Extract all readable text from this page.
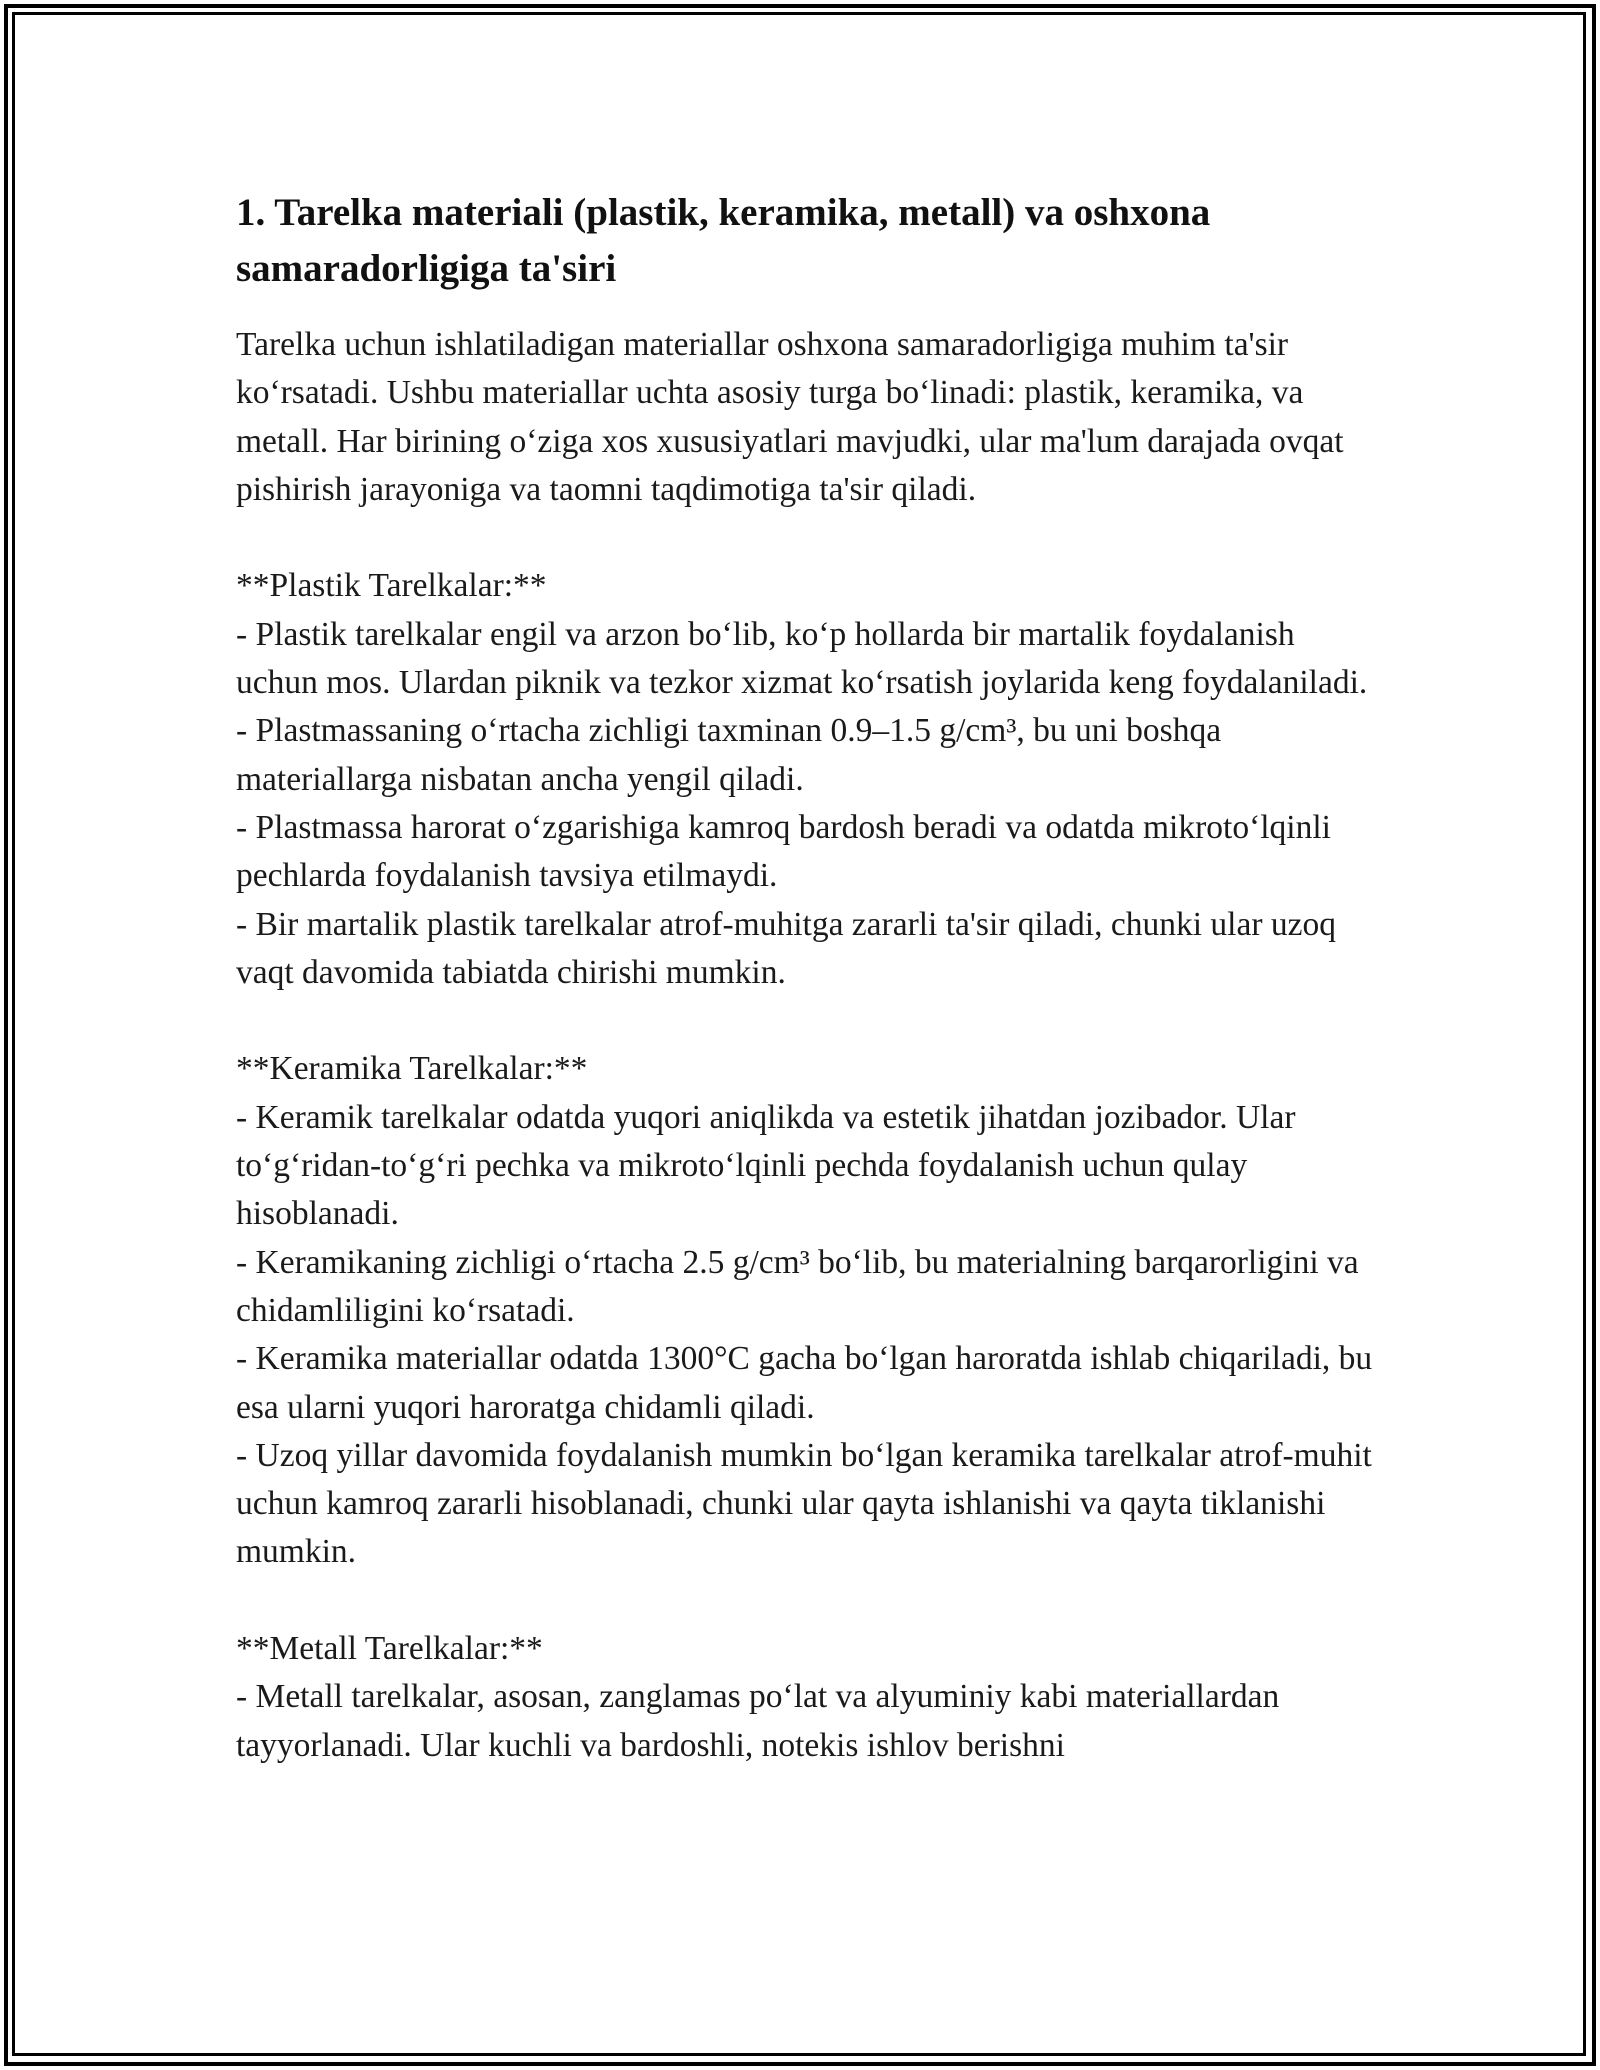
1. Tarelka materiali (plastik, keramika, metall) va oshxona samaradorligiga ta'siri

Tarelka uchun ishlatiladigan materiallar oshxona samaradorligiga muhim ta'sir ko‘rsatadi. Ushbu materiallar uchta asosiy turga bo‘linadi: plastik, keramika, va metall. Har birining o‘ziga xos xususiyatlari mavjudki, ular ma'lum darajada ovqat pishirish jarayoniga va taomni taqdimotiga ta'sir qiladi.

**Plastik Tarelkalar:**

- Plastik tarelkalar engil va arzon bo‘lib, ko‘p hollarda bir martalik foydalanish uchun mos. Ulardan piknik va tezkor xizmat ko‘rsatish joylarida keng foydalaniladi.

- Plastmassaning o‘rtacha zichligi taxminan 0.9–1.5 g/cm³, bu uni boshqa materiallarga nisbatan ancha yengil qiladi.

- Plastmassa harorat o‘zgarishiga kamroq bardosh beradi va odatda mikroto‘lqinli pechlarda foydalanish tavsiya etilmaydi.

- Bir martalik plastik tarelkalar atrof-muhitga zararli ta'sir qiladi, chunki ular uzoq vaqt davomida tabiatda chirishi mumkin.

**Keramika Tarelkalar:**

- Keramik tarelkalar odatda yuqori aniqlikda va estetik jihatdan jozibador. Ular to‘g‘ridan-to‘g‘ri pechka va mikroto‘lqinli pechda foydalanish uchun qulay hisoblanadi.

- Keramikaning zichligi o‘rtacha 2.5 g/cm³ bo‘lib, bu materialning barqarorligini va chidamliligini ko‘rsatadi.

- Keramika materiallar odatda 1300°C gacha bo‘lgan haroratda ishlab chiqariladi, bu esa ularni yuqori haroratga chidamli qiladi.

- Uzoq yillar davomida foydalanish mumkin bo‘lgan keramika tarelkalar atrof-muhit uchun kamroq zararli hisoblanadi, chunki ular qayta ishlanishi va qayta tiklanishi mumkin.

**Metall Tarelkalar:**

- Metall tarelkalar, asosan, zanglamas po‘lat va alyuminiy kabi materiallardan tayyorlanadi. Ular kuchli va bardoshli, notekis ishlov berishni
